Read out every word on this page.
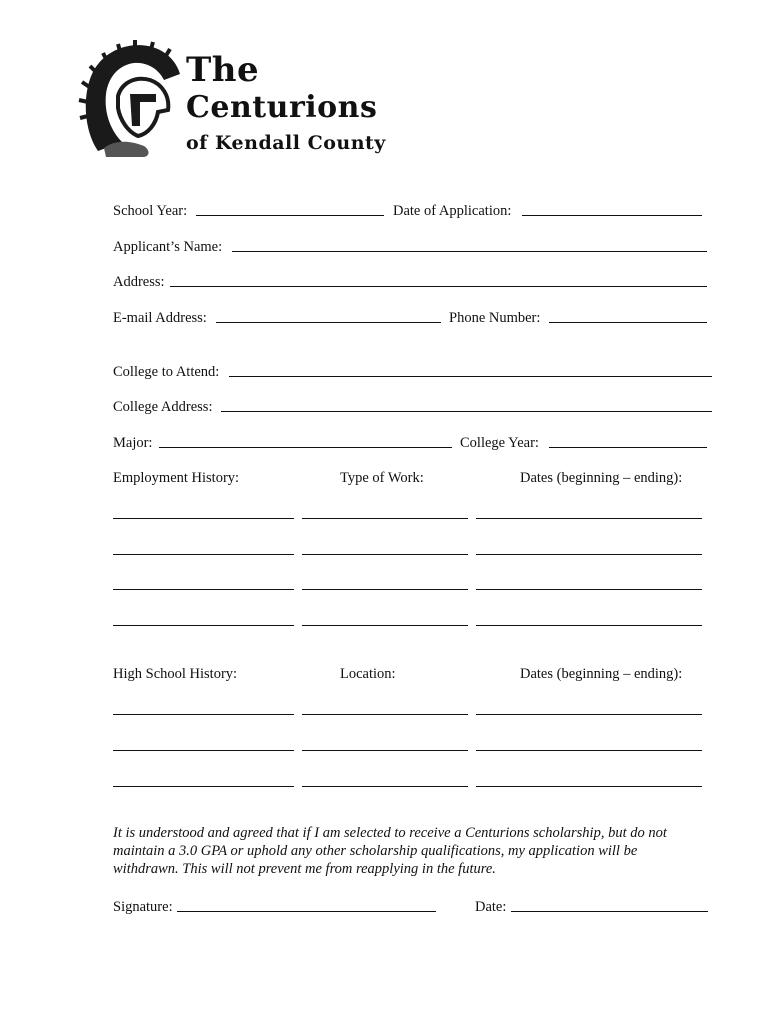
The
Centurions
of Kendall County
School Year:	Date of Application:
Applicant’s Name:
Address:
E-mail Address:	Phone Number:
College to Attend:
College Address:
Major:	College Year:
Employment History:	Type of Work:	Dates (beginning – ending):
High School History:	Location:	Dates (beginning – ending):
It is understood and agreed that if I am selected to receive a Centurions scholarship, but do not maintain a 3.0 GPA or uphold any other scholarship qualifications, my application will be withdrawn. This will not prevent me from reapplying in the future.
Signature:	Date:
